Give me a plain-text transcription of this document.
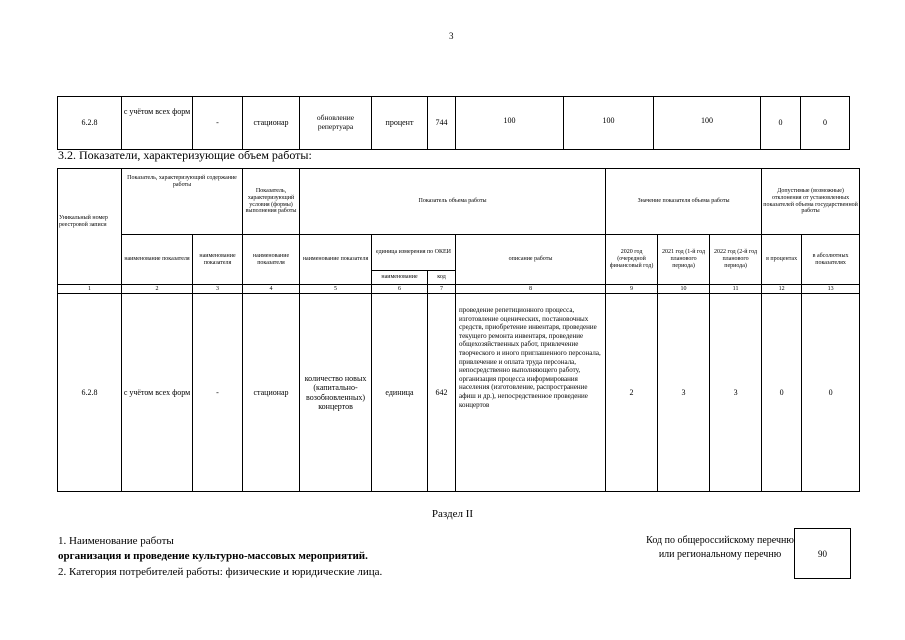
3
6.2.8	с учётом всех форм	-	стационар	обновление репертуара	процент	744	100	100	100	0	0
3.2. Показатели, характеризующие объем работы:
Уникальный номер реестровой записи	Показатель, характеризующий содержание работы		Показатель, характеризующий условия (формы) выполнения работы	Показатель объема работы				Значение показателя объема работы			Допустимые (возможные) отклонения от установленных показателей объема государственной работы	
	наименование показателя	наименование показателя	наименование показателя	наименование показателя	единица измерения по ОКЕИ		описание работы	2020 год (очередной финансовый год)	2021 год (1-й год планового периода)	2022 год (2-й год планового периода)	в процентах	в абсолютных показателях
					наименование	код						
1	2	3	4	5	6	7	8	9	10	11	12	13
6.2.8	с учётом всех форм	-	стационар	количество новых (капитально-возобновленных) концертов	единица	642	проведение репетиционного процесса, изготовление оценических, постановочных средств, приобретение инвентаря, проведение текущего ремонта инвентаря, проведение общехозяйственных работ, привлечение творческого и иного приглашенного персонала, привлечение и оплата труда персонала, непосредственно выполняющего работу, организация процесса информирования населения (изготовление, распространение афиш и др.), непосредственное проведение концертов	2	3	3	0	0
Раздел II
1. Наименование работы
организация и проведение культурно-массовых мероприятий.
2. Категория потребителей работы: физические и юридические лица.
Код по общероссийскому перечню или региональному перечню	90
